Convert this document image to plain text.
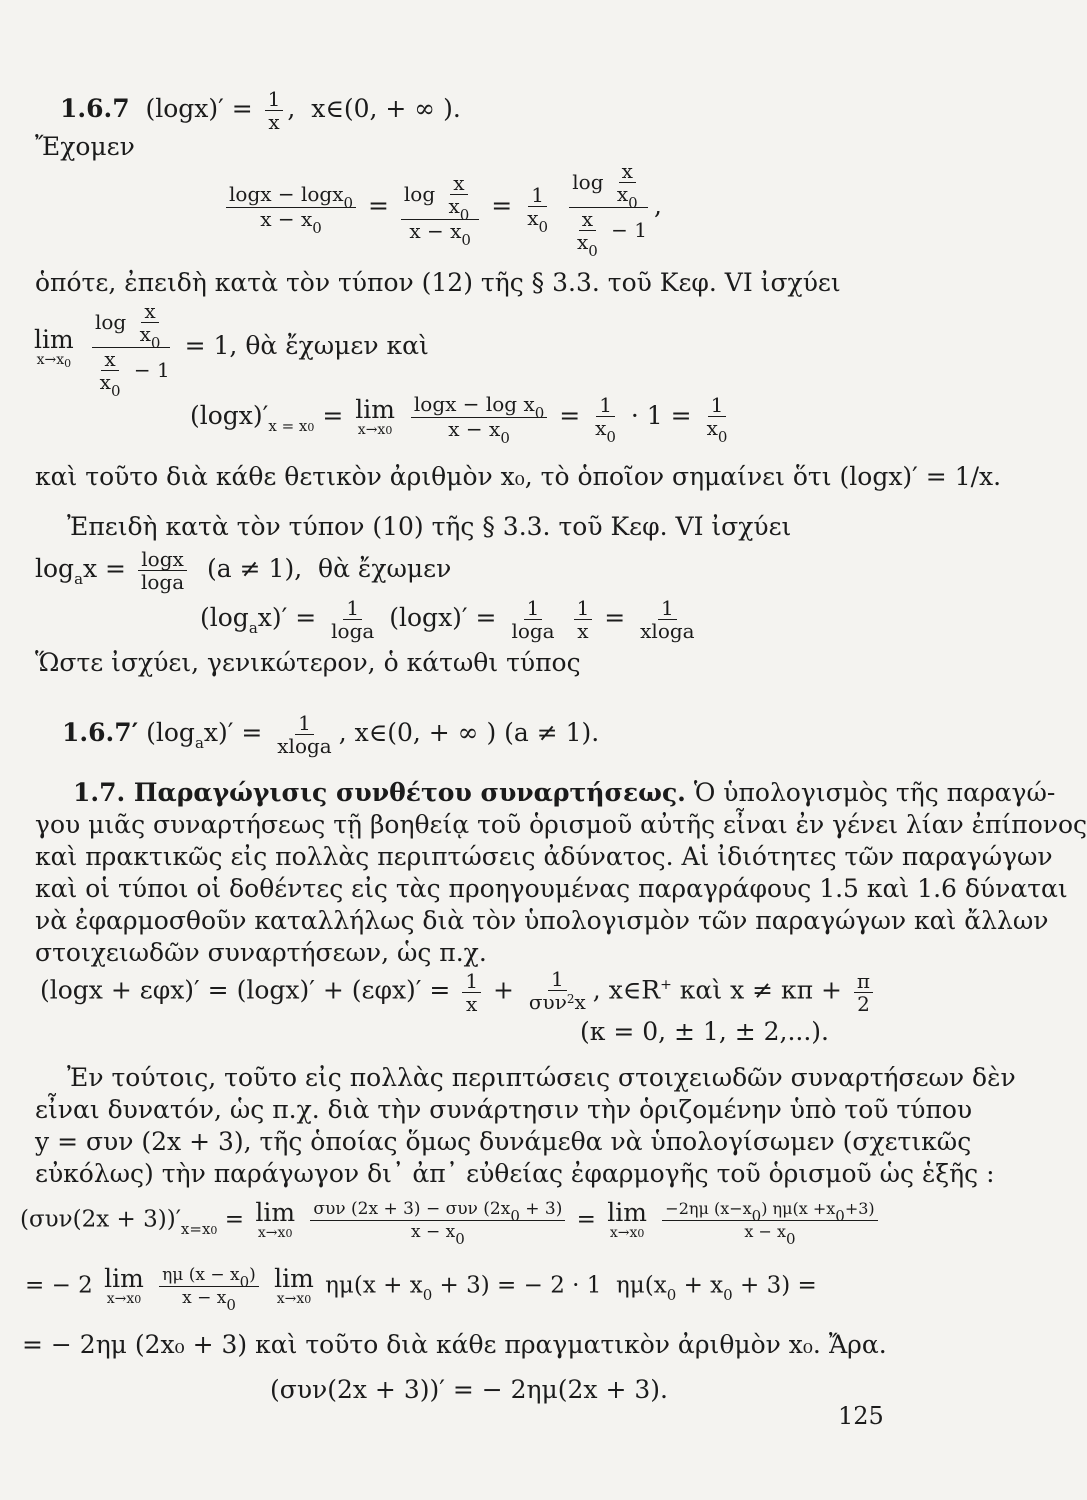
1.6.7  $(\log x)' = \frac{1}{x}$ ,  x∈(0, + ∞ ).
Ἔχομεν
$\frac{\log x - \log x_0}{x - x_0} = \frac{\log \frac{x}{x_0}}{x - x_0} = \frac{1}{x_0}$
$\frac{\log \frac{x}{x_0}}{\frac{x}{x_0} - 1}$ ,
ὁπότε, ἐπειδὴ κατὰ τὸν τύπον (12) τῆς § 3.3. τοῦ Κεφ. VI ἰσχύει
lim
$x\to x_0$
$\frac{\log \frac{x}{x_0}}{\frac{x}{x_0} - 1} = 1$, θὰ ἔχωμεν καὶ
$(\log x)'_{x = x0} = \lim$
x→x0
$\frac{\log x - \log x_0}{x - x_0} = \frac{1}{x_0} \cdot 1 = \frac{1}{x_0}$
καὶ τοῦτο διὰ κάθε θετικὸν ἀριθμὸν x₀, τὸ ὁποῖον σημαίνει ὅτι (logx)′ = 1/x.
Ἐπειδὴ κατὰ τὸν τύπον (10) τῆς § 3.3. τοῦ Κεφ. VI ἰσχύει
$\log_ax = \frac{\log x}{\log a} (a \ne 1)$,  θὰ ἔχωμεν
$(\log_ax)' = \frac{1}{\log a} (\log x)' = \frac{1}{\log a}$
$\frac{1}{x} = \frac{1}{xloga}$
Ὥστε ἰσχύει, γενικώτερον, ὁ κάτωθι τύπος
1.6.7′ $(\log_ax)' = \frac{1}{xloga}$ , x∈(0, + ∞ ) (a ≠ 1).
1.7. Παραγώγισις συνθέτου συναρτήσεως. Ὁ ὑπολογισμὸς τῆς παραγώ-
γου μιᾶς συναρτήσεως τῇ βοηθείᾳ τοῦ ὁρισμοῦ αὐτῆς εἶναι ἐν γένει λίαν ἐπίπονος
καὶ πρακτικῶς εἰς πολλὰς περιπτώσεις ἀδύνατος. Αἱ ἰδιότητες τῶν παραγώγων
καὶ οἱ τύποι οἱ δοθέντες εἰς τὰς προηγουμένας παραγράφους 1.5 καὶ 1.6 δύναται
νὰ ἐφαρμοσθοῦν καταλλήλως διὰ τὸν ὑπολογισμὸν τῶν παραγώγων καὶ ἄλλων
στοιχειωδῶν συναρτήσεων, ὡς π.χ.
$(\log x + \varepsilon\varphi x)' = (\log x)' + (\varepsilon\varphi x)' = \frac{1}{x} + \frac{1}{\sigma\upsilon\nu^2x}$ , x∈R+ καὶ $x \ne \kappa\pi + \frac{\pi}{2}$
(κ = 0, ± 1, ± 2,...).
Ἐν τούτοις, τοῦτο εἰς πολλὰς περιπτώσεις στοιχειωδῶν συναρτήσεων δὲν
εἶναι δυνατόν, ὡς π.χ. διὰ τὴν συνάρτησιν τὴν ὁριζομένην ὑπὸ τοῦ τύπου
y = συν (2x + 3), τῆς ὁποίας ὅμως δυνάμεθα νὰ ὑπολογίσωμεν (σχετικῶς
εὐκόλως) τὴν παράγωγον δι᾽ ἀπ᾽ εὐθείας ἐφαρμογῆς τοῦ ὁρισμοῦ ὡς ἑξῆς :
$(\sigma\upsilon\nu(2x + 3))'_{x=x0} = \lim$
x→x0
$\frac{\text{συν (2x + 3) − συν (2x0 + 3)}}{x - x0} = \lim$
x→x0
$\frac{-2\eta\mu (x-x0) \eta\mu(x +x0+3)}{x - x0}$
= − 2 lim
x→x0
$\frac{\eta\mu (x - x0)}{x - x0}$
lim
x→x0
$\eta\mu(x + x_0 + 3)$ = − 2 · 1  $\eta\mu(x_0 + x_0 + 3)$ =
= − 2ημ (2x₀ + 3) καὶ τοῦτο διὰ κάθε πραγματικὸν ἀριθμὸν x₀. Ἄρα.
(συν(2x + 3))′ = − 2ημ(2x + 3).
125
